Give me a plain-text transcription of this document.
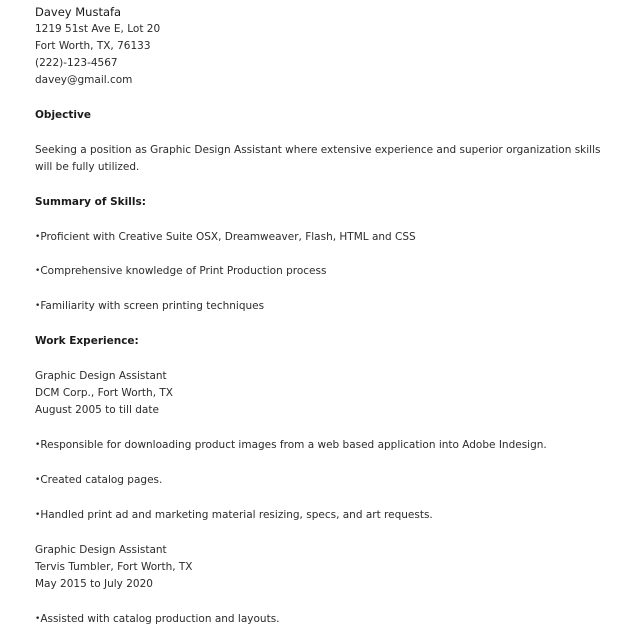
Davey Mustafa
1219 51st Ave E, Lot 20
Fort Worth, TX, 76133
(222)-123-4567
davey@gmail.com
Objective
Seeking a position as Graphic Design Assistant where extensive experience and superior organization skills will be fully utilized.
Summary of Skills:
•Proficient with Creative Suite OSX, Dreamweaver, Flash, HTML and CSS
•Comprehensive knowledge of Print Production process
•Familiarity with screen printing techniques
Work Experience:
Graphic Design Assistant
DCM Corp., Fort Worth, TX
August 2005 to till date
•Responsible for downloading product images from a web based application into Adobe Indesign.
•Created catalog pages.
•Handled print ad and marketing material resizing, specs, and art requests.
Graphic Design Assistant
Tervis Tumbler, Fort Worth, TX
May 2015 to July 2020
•Assisted with catalog production and layouts.
